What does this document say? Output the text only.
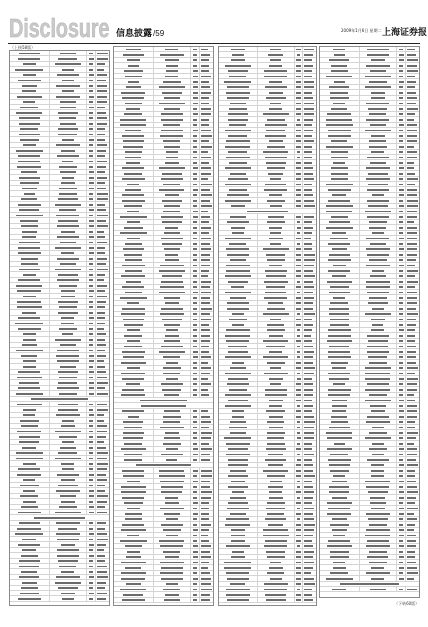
Disclosure 信息披露 /59	2009年1月6日 星期二 上海证券报
（上接58版）
（下转60版）
